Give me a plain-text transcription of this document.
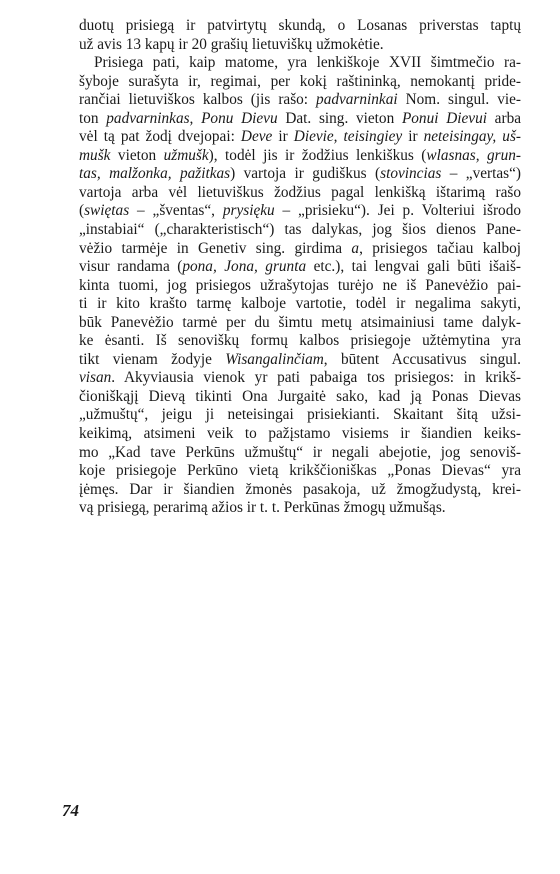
duotų prisiegą ir patvirtytų skundą, o Losanas priverstas taptų
už avis 13 kapų ir 20 grašių lietuviškų užmokėtie.
Prisiega pati, kaip matome, yra lenkiškoje XVII šimtmečio ra-
šyboje surašyta ir, regimai, per kokį raštininką, nemokantį pride-
rančiai lietuviškos kalbos (jis rašo: padvarninkai Nom. singul. vie-
ton padvarninkas, Ponu Dievu Dat. sing. vieton Ponui Dievui arba
vėl tą pat žodį dvejopai: Deve ir Dievie, teisingiey ir neteisingay, uš-
mušk vieton užmušk), todėl jis ir žodžius lenkiškus (wlasnas, grun-
tas, malžonka, pažitkas) vartoja ir gudiškus (stovincias – „vertas“)
vartoja arba vėl lietuviškus žodžius pagal lenkišką ištarimą rašo
(swiętas – „šventas“, prysięku – „prisieku“). Jei p. Volteriui išrodo
„instabiai“ („charakteristisch“) tas dalykas, jog šios dienos Pane-
vėžio tarmėje in Genetiv sing. girdima a, prisiegos tačiau kalboj
visur randama (pona, Jona, grunta etc.), tai lengvai gali būti išaiš-
kinta tuomi, jog prisiegos užrašytojas turėjo ne iš Panevėžio pai-
ti ir kito krašto tarmę kalboje vartotie, todėl ir negalima sakyti,
būk Panevėžio tarmė per du šimtu metų atsimainiusi tame dalyk-
ke ėsanti. Iš senoviškų formų kalbos prisiegoje užtėmytina yra
tikt vienam žodyje Wisangalinčiam, būtent Accusativus singul.
visan. Akyviausia vienok yr pati pabaiga tos prisiegos: in krikš-
čioniškąjį Dievą tikinti Ona Jurgaitė sako, kad ją Ponas Dievas
„užmuštų“, jeigu ji neteisingai prisiekianti. Skaitant šitą užsi-
keikimą, atsimeni veik to pažįstamo visiems ir šiandien keiks-
mo „Kad tave Perkūns užmuštų“ ir negali abejotie, jog senoviš-
koje prisiegoje Perkūno vietą krikščioniškas „Ponas Dievas“ yra
įėmęs. Dar ir šiandien žmonės pasakoja, už žmogžudystą, krei-
vą prisiegą, perarimą ažios ir t. t. Perkūnas žmogų užmušąs.
74
